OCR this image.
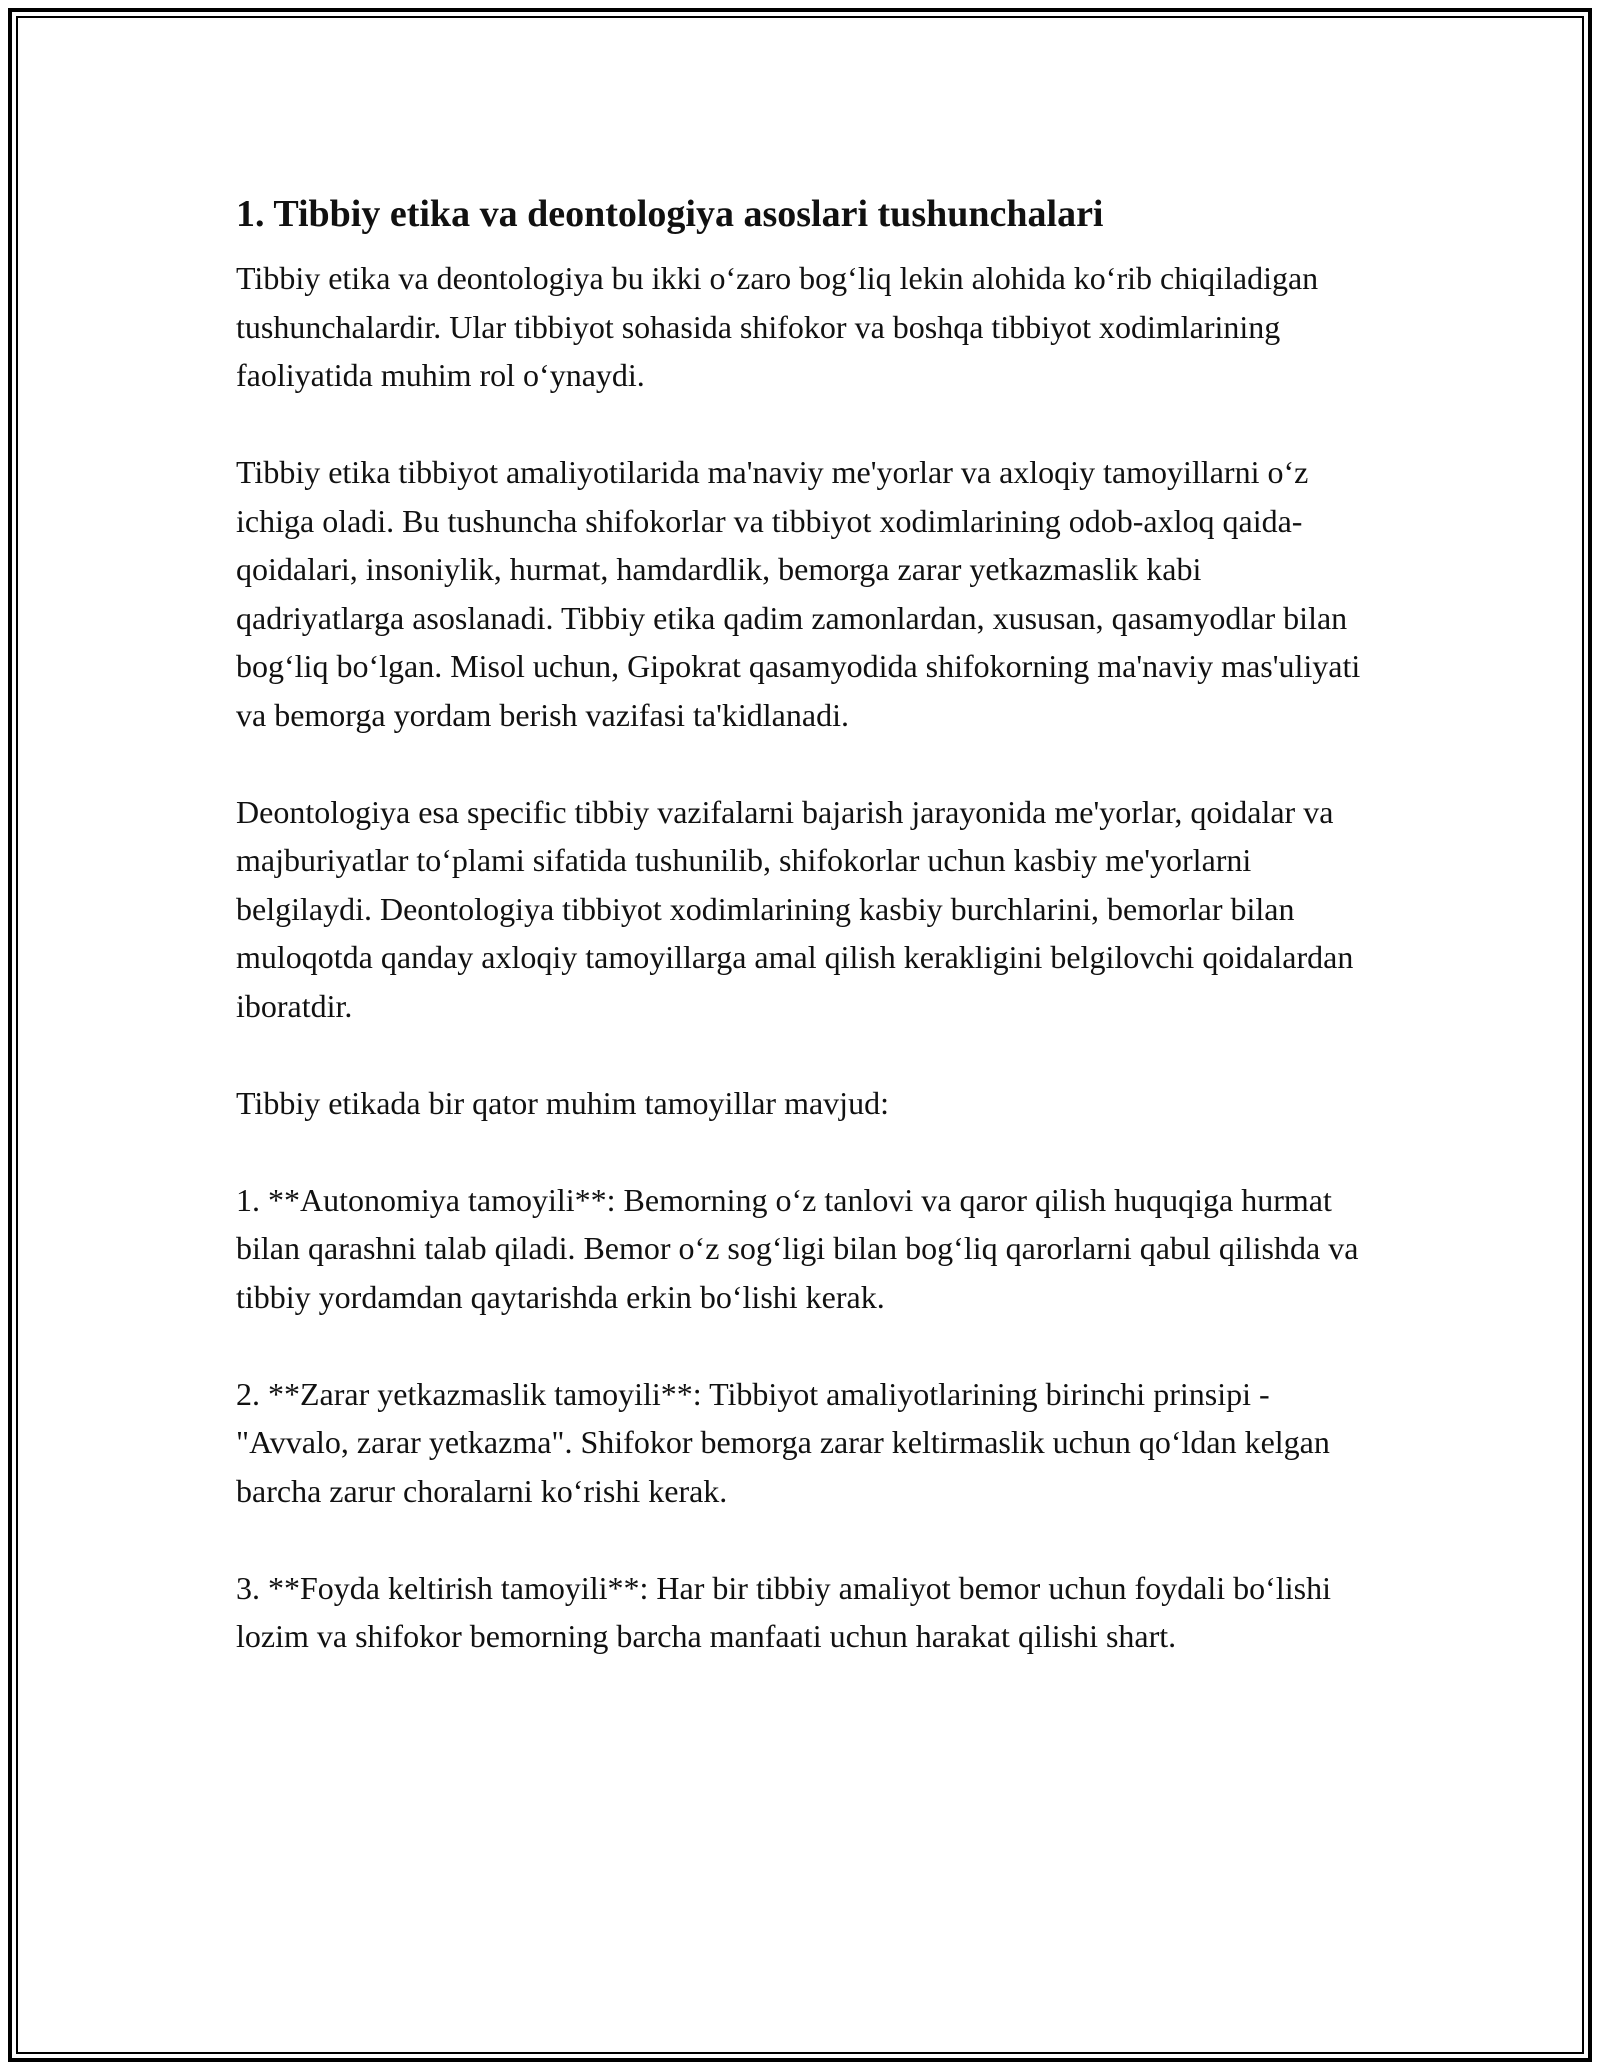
1. Tibbiy etika va deontologiya asoslari tushunchalari

Tibbiy etika va deontologiya bu ikki o‘zaro bog‘liq lekin alohida ko‘rib chiqiladigan tushunchalardir. Ular tibbiyot sohasida shifokor va boshqa tibbiyot xodimlarining faoliyatida muhim rol o‘ynaydi.

Tibbiy etika tibbiyot amaliyotilarida ma'naviy me'yorlar va axloqiy tamoyillarni o‘z ichiga oladi. Bu tushuncha shifokorlar va tibbiyot xodimlarining odob-axloq qaida-qoidalari, insoniylik, hurmat, hamdardlik, bemorga zarar yetkazmaslik kabi qadriyatlarga asoslanadi. Tibbiy etika qadim zamonlardan, xususan, qasamyodlar bilan bog‘liq bo‘lgan. Misol uchun, Gipokrat qasamyodida shifokorning ma'naviy mas'uliyati va bemorga yordam berish vazifasi ta'kidlanadi.

Deontologiya esa specific tibbiy vazifalarni bajarish jarayonida me'yorlar, qoidalar va majburiyatlar to‘plami sifatida tushunilib, shifokorlar uchun kasbiy me'yorlarni belgilaydi. Deontologiya tibbiyot xodimlarining kasbiy burchlarini, bemorlar bilan muloqotda qanday axloqiy tamoyillarga amal qilish kerakligini belgilovchi qoidalardan iboratdir.

Tibbiy etikada bir qator muhim tamoyillar mavjud:

1. **Autonomiya tamoyili**: Bemorning o‘z tanlovi va qaror qilish huquqiga hurmat bilan qarashni talab qiladi. Bemor o‘z sog‘ligi bilan bog‘liq qarorlarni qabul qilishda va tibbiy yordamdan qaytarishda erkin bo‘lishi kerak.

2. **Zarar yetkazmaslik tamoyili**: Tibbiyot amaliyotlarining birinchi prinsipi - "Avvalo, zarar yetkazma". Shifokor bemorga zarar keltirmaslik uchun qo‘ldan kelgan barcha zarur choralarni ko‘rishi kerak.

3. **Foyda keltirish tamoyili**: Har bir tibbiy amaliyot bemor uchun foydali bo‘lishi lozim va shifokor bemorning barcha manfaati uchun harakat qilishi shart.
